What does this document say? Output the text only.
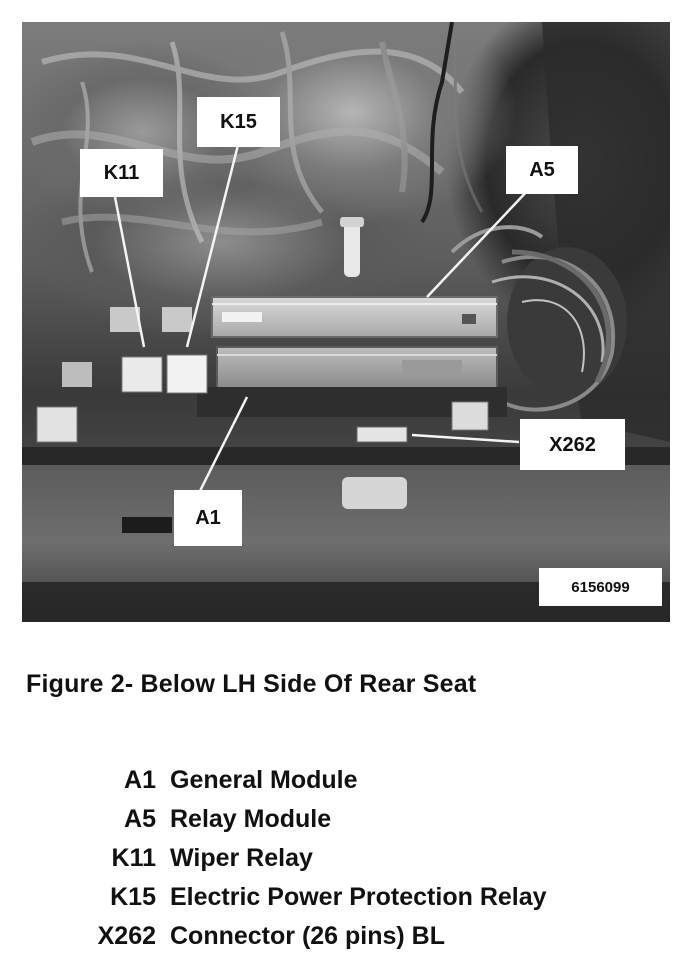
K15
K11	A5
X262
A1
6156099
Figure 2- Below LH Side Of Rear Seat
A1 General Module
A5 Relay Module
K11 Wiper Relay
K15 Electric Power Protection Relay
X262 Connector (26 pins) BL
